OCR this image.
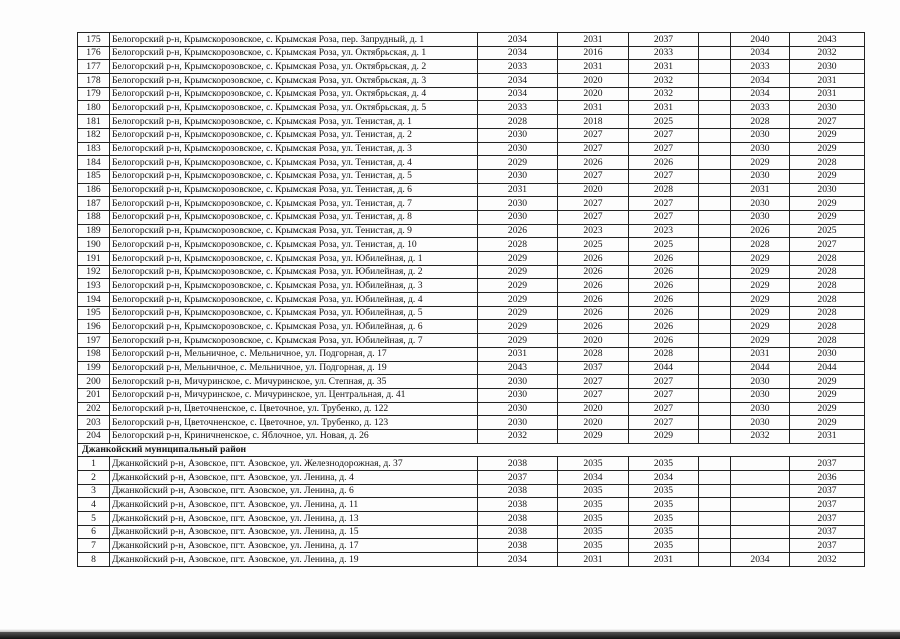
175	Белогорский р-н, Крымскорозовское, с. Крымская Роза, пер. Запрудный, д. 1	2034	2031	2037		2040	2043
176	Белогорский р-н, Крымскорозовское, с. Крымская Роза, ул. Октябрьская, д. 1	2034	2016	2033		2034	2032
177	Белогорский р-н, Крымскорозовское, с. Крымская Роза, ул. Октябрьская, д. 2	2033	2031	2031		2033	2030
178	Белогорский р-н, Крымскорозовское, с. Крымская Роза, ул. Октябрьская, д. 3	2034	2020	2032		2034	2031
179	Белогорский р-н, Крымскорозовское, с. Крымская Роза, ул. Октябрьская, д. 4	2034	2020	2032		2034	2031
180	Белогорский р-н, Крымскорозовское, с. Крымская Роза, ул. Октябрьская, д. 5	2033	2031	2031		2033	2030
181	Белогорский р-н, Крымскорозовское, с. Крымская Роза, ул. Тенистая, д. 1	2028	2018	2025		2028	2027
182	Белогорский р-н, Крымскорозовское, с. Крымская Роза, ул. Тенистая, д. 2	2030	2027	2027		2030	2029
183	Белогорский р-н, Крымскорозовское, с. Крымская Роза, ул. Тенистая, д. 3	2030	2027	2027		2030	2029
184	Белогорский р-н, Крымскорозовское, с. Крымская Роза, ул. Тенистая, д. 4	2029	2026	2026		2029	2028
185	Белогорский р-н, Крымскорозовское, с. Крымская Роза, ул. Тенистая, д. 5	2030	2027	2027		2030	2029
186	Белогорский р-н, Крымскорозовское, с. Крымская Роза, ул. Тенистая, д. 6	2031	2020	2028		2031	2030
187	Белогорский р-н, Крымскорозовское, с. Крымская Роза, ул. Тенистая, д. 7	2030	2027	2027		2030	2029
188	Белогорский р-н, Крымскорозовское, с. Крымская Роза, ул. Тенистая, д. 8	2030	2027	2027		2030	2029
189	Белогорский р-н, Крымскорозовское, с. Крымская Роза, ул. Тенистая, д. 9	2026	2023	2023		2026	2025
190	Белогорский р-н, Крымскорозовское, с. Крымская Роза, ул. Тенистая, д. 10	2028	2025	2025		2028	2027
191	Белогорский р-н, Крымскорозовское, с. Крымская Роза, ул. Юбилейная, д. 1	2029	2026	2026		2029	2028
192	Белогорский р-н, Крымскорозовское, с. Крымская Роза, ул. Юбилейная, д. 2	2029	2026	2026		2029	2028
193	Белогорский р-н, Крымскорозовское, с. Крымская Роза, ул. Юбилейная, д. 3	2029	2026	2026		2029	2028
194	Белогорский р-н, Крымскорозовское, с. Крымская Роза, ул. Юбилейная, д. 4	2029	2026	2026		2029	2028
195	Белогорский р-н, Крымскорозовское, с. Крымская Роза, ул. Юбилейная, д. 5	2029	2026	2026		2029	2028
196	Белогорский р-н, Крымскорозовское, с. Крымская Роза, ул. Юбилейная, д. 6	2029	2026	2026		2029	2028
197	Белогорский р-н, Крымскорозовское, с. Крымская Роза, ул. Юбилейная, д. 7	2029	2020	2026		2029	2028
198	Белогорский р-н, Мельничное, с. Мельничное, ул. Подгорная, д. 17	2031	2028	2028		2031	2030
199	Белогорский р-н, Мельничное, с. Мельничное, ул. Подгорная, д. 19	2043	2037	2044		2044	2044
200	Белогорский р-н, Мичуринское, с. Мичуринское, ул. Степная, д. 35	2030	2027	2027		2030	2029
201	Белогорский р-н, Мичуринское, с. Мичуринское, ул. Центральная, д. 41	2030	2027	2027		2030	2029
202	Белогорский р-н, Цветочненское, с. Цветочное, ул. Трубенко, д. 122	2030	2020	2027		2030	2029
203	Белогорский р-н, Цветочненское, с. Цветочное, ул. Трубенко, д. 123	2030	2020	2027		2030	2029
204	Белогорский р-н, Криничненское, с. Яблочное, ул. Новая, д. 26	2032	2029	2029		2032	2031
Джанкойский муниципальный район							
1	Джанкойский р-н, Азовское, пгт. Азовское, ул. Железнодорожная, д. 37	2038	2035	2035			2037
2	Джанкойский р-н, Азовское, пгт. Азовское, ул. Ленина, д. 4	2037	2034	2034			2036
3	Джанкойский р-н, Азовское, пгт. Азовское, ул. Ленина, д. 6	2038	2035	2035			2037
4	Джанкойский р-н, Азовское, пгт. Азовское, ул. Ленина, д. 11	2038	2035	2035			2037
5	Джанкойский р-н, Азовское, пгт. Азовское, ул. Ленина, д. 13	2038	2035	2035			2037
6	Джанкойский р-н, Азовское, пгт. Азовское, ул. Ленина, д. 15	2038	2035	2035			2037
7	Джанкойский р-н, Азовское, пгт. Азовское, ул. Ленина, д. 17	2038	2035	2035			2037
8	Джанкойский р-н, Азовское, пгт. Азовское, ул. Ленина, д. 19	2034	2031	2031		2034	2032
